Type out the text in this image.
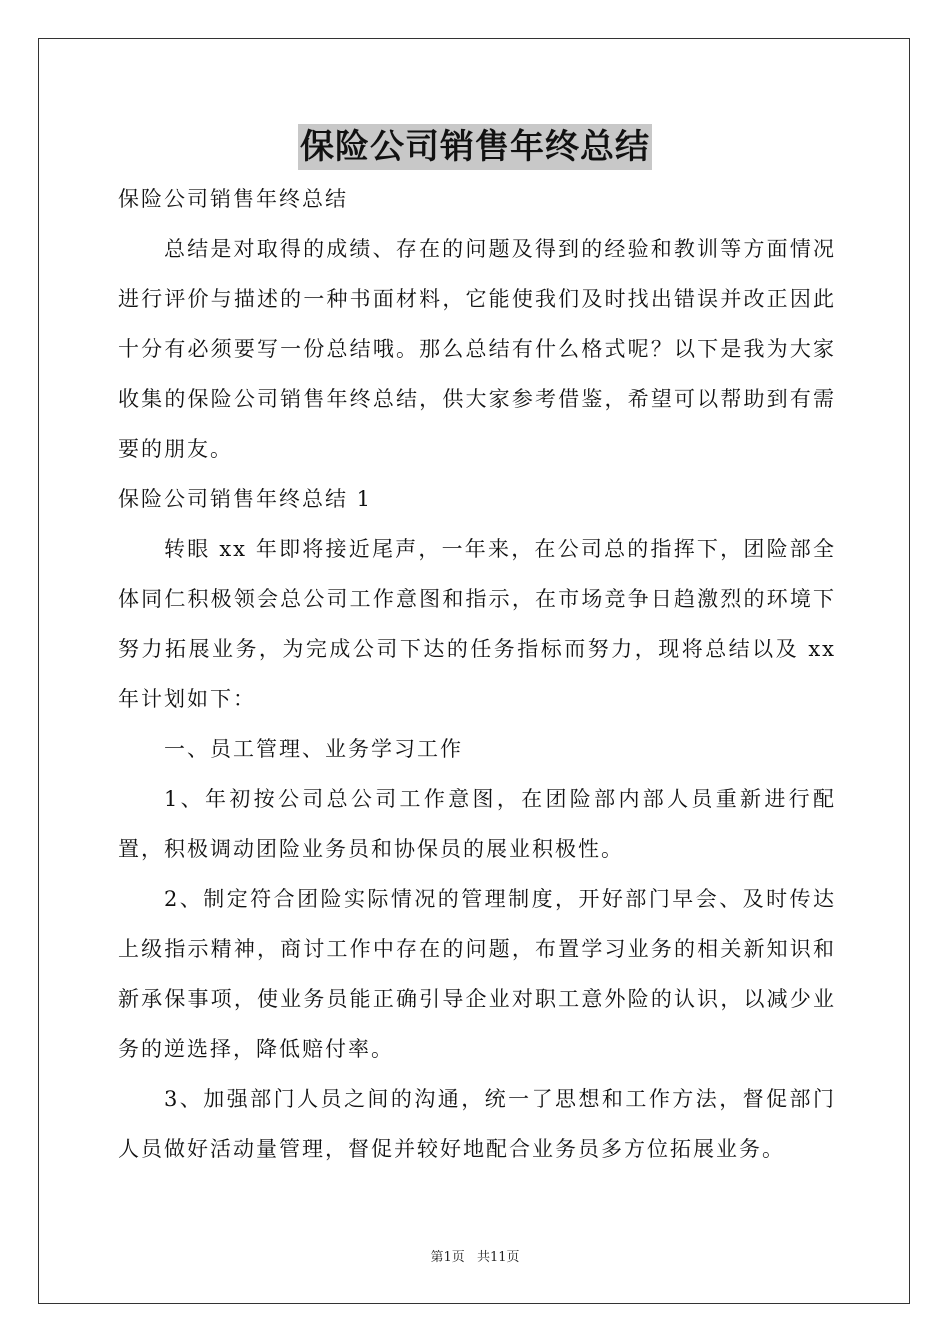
保险公司销售年终总结

保险公司销售年终总结

总结是对取得的成绩、存在的问题及得到的经验和教训等方面情况进行评价与描述的一种书面材料，它能使我们及时找出错误并改正因此十分有必须要写一份总结哦。那么总结有什么格式呢？以下是我为大家收集的保险公司销售年终总结，供大家参考借鉴，希望可以帮助到有需要的朋友。

保险公司销售年终总结 1

转眼 xx 年即将接近尾声，一年来，在公司总的指挥下，团险部全体同仁积极领会总公司工作意图和指示，在市场竞争日趋激烈的环境下努力拓展业务，为完成公司下达的任务指标而努力，现将总结以及 xx 年计划如下：

一、员工管理、业务学习工作

1、年初按公司总公司工作意图，在团险部内部人员重新进行配置，积极调动团险业务员和协保员的展业积极性。

2、制定符合团险实际情况的管理制度，开好部门早会、及时传达上级指示精神，商讨工作中存在的问题，布置学习业务的相关新知识和新承保事项，使业务员能正确引导企业对职工意外险的认识，以减少业务的逆选择，降低赔付率。

3、加强部门人员之间的沟通，统一了思想和工作方法，督促部门人员做好活动量管理，督促并较好地配合业务员多方位拓展业务。

第1页 共11页
